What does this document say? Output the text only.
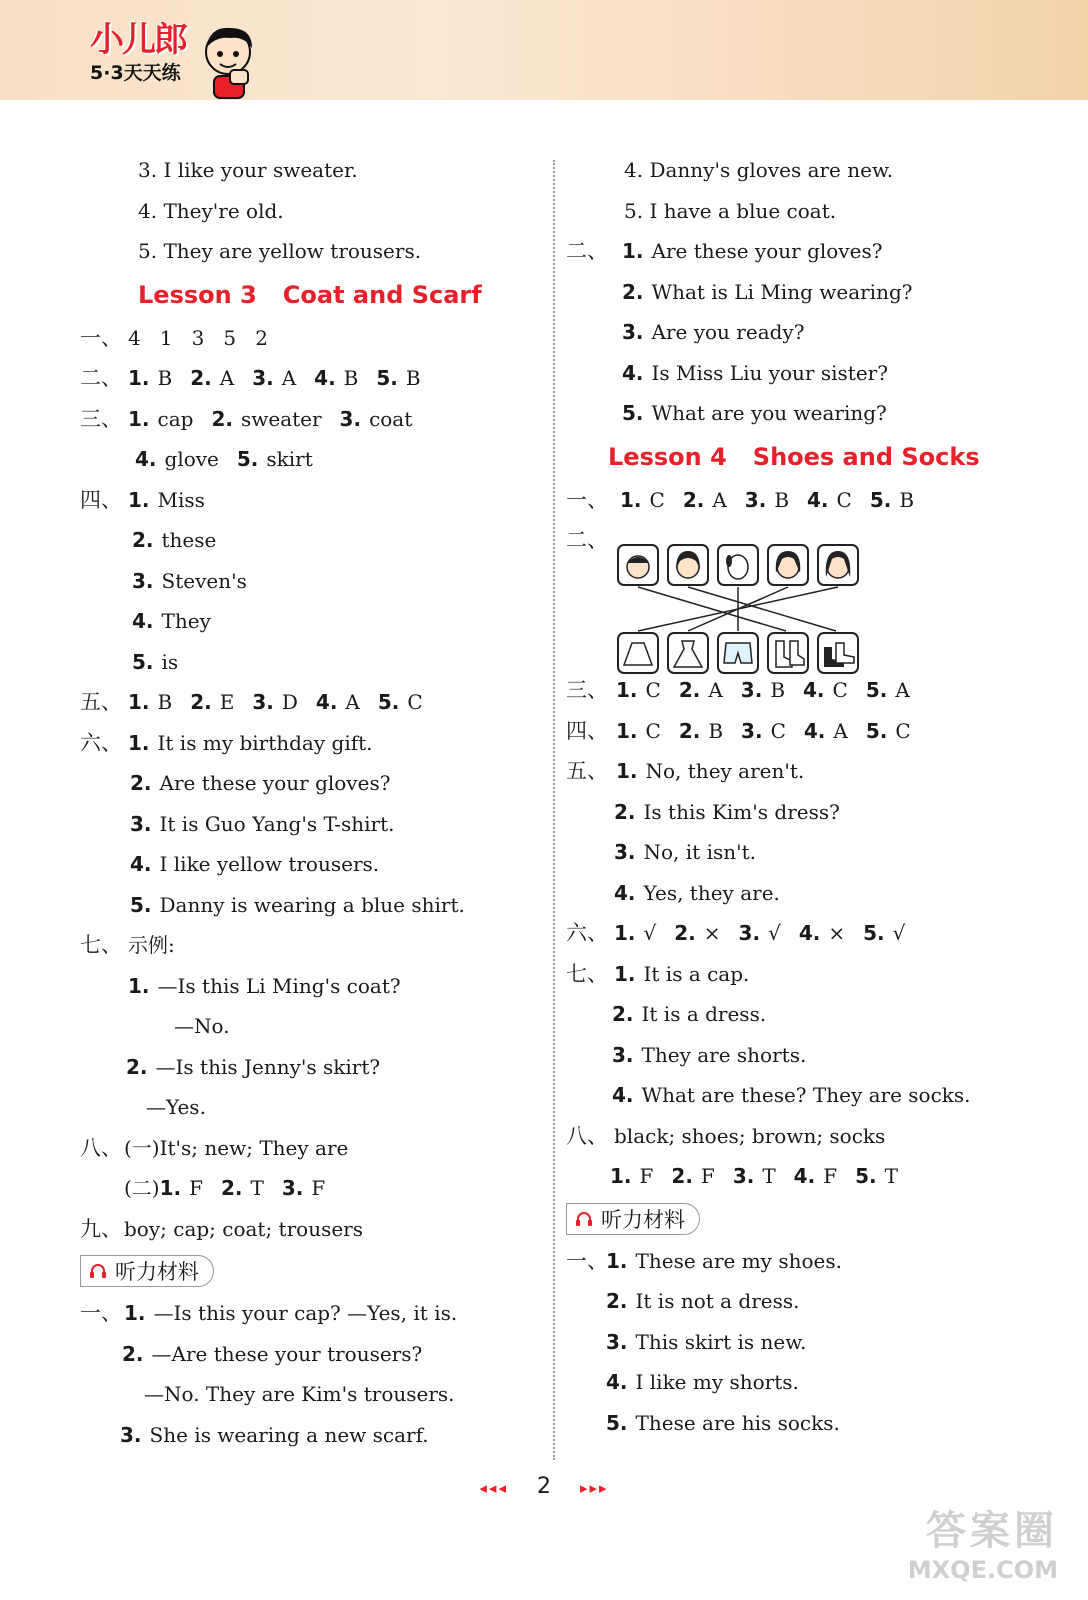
小儿郎
5·3天天练
3. I like your sweater.
4. They're old.
5. They are yellow trousers.
Lesson 3 Coat and Scarf
一、 4   1   3   5   2
二、 1. B 2. A 3. A 4. B 5. B
三、 1. cap 2. sweater 3. coat
4. glove 5. skirt
四、 1. Miss
2. these
3. Steven's
4. They
5. is
五、 1. B 2. E 3. D 4. A 5. C
六、 1. It is my birthday gift.
2. Are these your gloves?
3. It is Guo Yang's T-shirt.
4. I like yellow trousers.
5. Danny is wearing a blue shirt.
七、 示例:
1. —Is this Li Ming's coat?
—No.
2. —Is this Jenny's skirt?
—Yes.
八、 (一)It's; new; They are
(二) 1. F 2. T 3. F
九、 boy; cap; coat; trousers
听力材料
一、 1. —Is this your cap? —Yes, it is.
2. —Are these your trousers?
—No. They are Kim's trousers.
3. She is wearing a new scarf.
4. Danny's gloves are new.
5. I have a blue coat.
二、 1. Are these your gloves?
2. What is Li Ming wearing?
3. Are you ready?
4. Is Miss Liu your sister?
5. What are you wearing?
Lesson 4 Shoes and Socks
一、 1. C 2. A 3. B 4. C 5. B
二、
三、 1. C 2. A 3. B 4. C 5. A
四、 1. C 2. B 3. C 4. A 5. C
五、 1. No, they aren't.
2. Is this Kim's dress?
3. No, it isn't.
4. Yes, they are.
六、 1. √ 2. × 3. √ 4. × 5. √
七、 1. It is a cap.
2. It is a dress.
3. They are shorts.
4. What are these? They are socks.
八、 black; shoes; brown; socks
1. F 2. F 3. T 4. F 5. T
听力材料
一、
1. These are my shoes.
2. It is not a dress.
3. This skirt is new.
4. I like my shorts.
5. These are his socks.
◂◂◂ 2 ▸▸▸
答案圈
MXQE.COM
